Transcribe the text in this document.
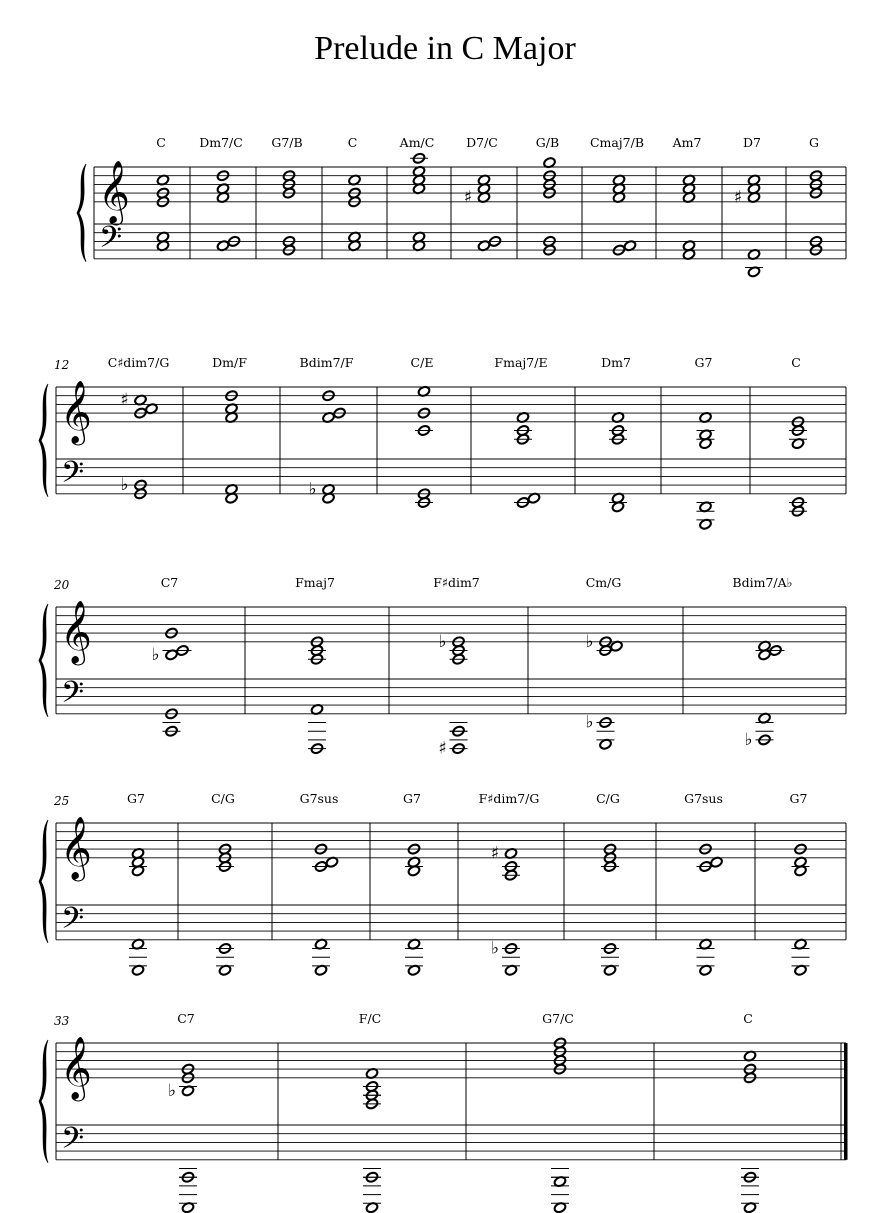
Prelude in C Major
𝄞
𝄢
C	Dm7/C G7/B	C	Am/C	D7/C
♯
G/B Cmaj7/B Am7	D7
♯
G
𝄞
𝄢
12	C♯dim7/G
♯
♭
Dm/F	Bdim7/F
♭
C/E	Fmaj7/E	Dm7	G7	C
𝄞
𝄢
20	C7
♭
Fmaj7	F♯dim7
♭
♯
Cm/G
♭
♭
Bdim7/A♭
♭
𝄞
𝄢
25	G7	C/G	G7sus	G7	F♯dim7/G
♯
♭
C/G	G7sus	G7
𝄞
𝄢
33	C7
♭
F/C	G7/C	C
